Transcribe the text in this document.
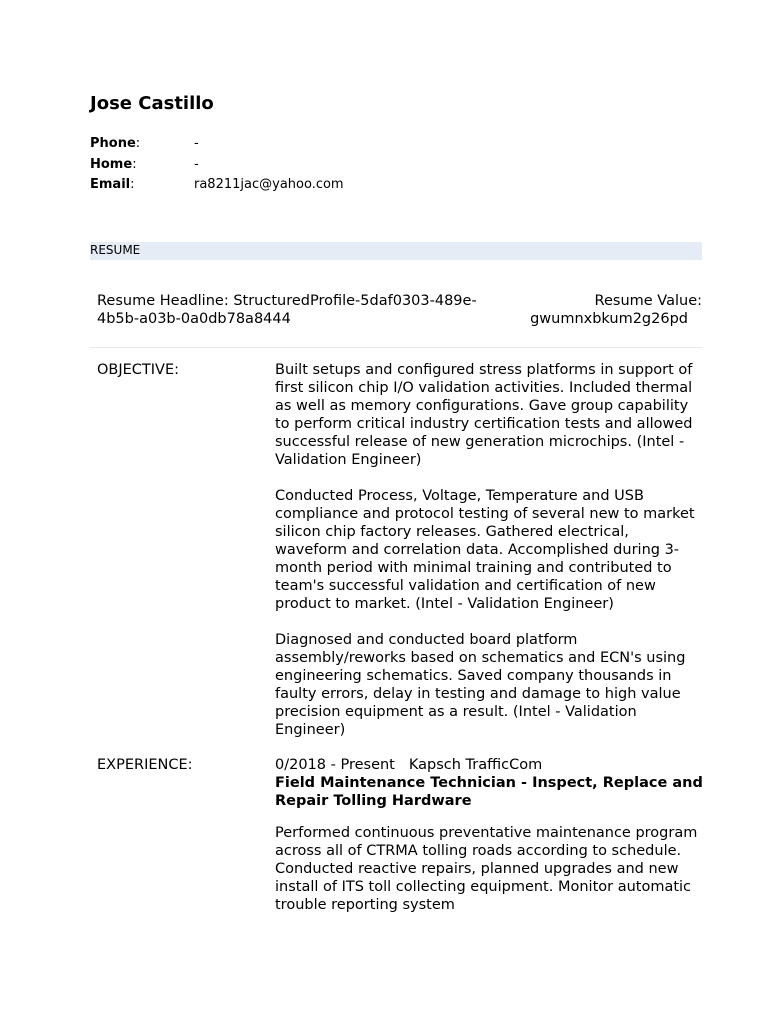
Jose Castillo
Phone:	-
Home:	-
Email:	ra8211jac@yahoo.com
RESUME
Resume Headline: StructuredProfile-5daf0303-489e-4b5b-a03b-0a0db78a8444
Resume Value:
gwumnxbkum2g26pd
OBJECTIVE:	Built setups and configured stress platforms in support of first silicon chip I/O validation activities. Included thermal as well as memory configurations. Gave group capability to perform critical industry certification tests and allowed successful release of new generation microchips. (Intel - Validation Engineer)

Conducted Process, Voltage, Temperature and USB compliance and protocol testing of several new to market silicon chip factory releases. Gathered electrical, waveform and correlation data. Accomplished during 3-month period with minimal training and contributed to team's successful validation and certification of new product to market. (Intel - Validation Engineer)

Diagnosed and conducted board platform assembly/reworks based on schematics and ECN's using engineering schematics. Saved company thousands in faulty errors, delay in testing and damage to high value precision equipment as a result. (Intel - Validation Engineer)

EXPERIENCE:	0/2018 - Present Kapsch TrafficCom
Field Maintenance Technician - Inspect, Replace and Repair Tolling Hardware
Performed continuous preventative maintenance program across all of CTRMA tolling roads according to schedule. Conducted reactive repairs, planned upgrades and new install of ITS toll collecting equipment. Monitor automatic trouble reporting system
